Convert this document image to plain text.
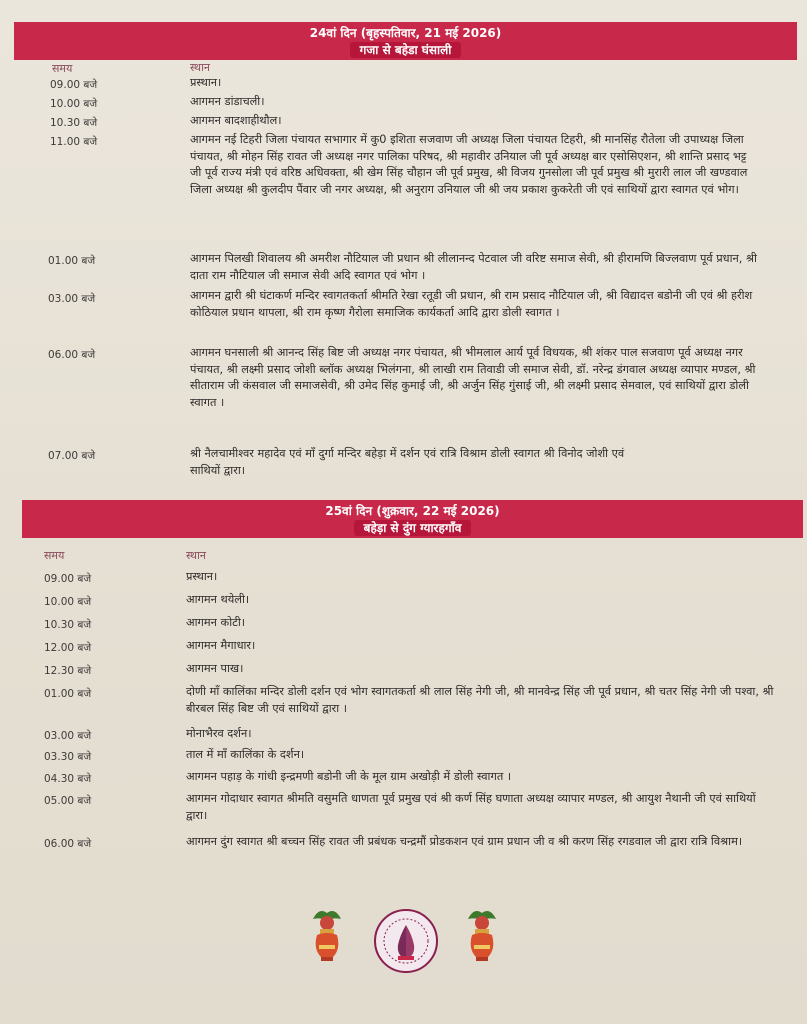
24वां दिन (बृहस्पतिवार, 21 मई 2026)
गजा से बहेडा घंसाली
समय	स्थान
09.00 बजे	प्रस्थान।
10.00 बजे	आगमन डांडाचली।
10.30 बजे	आगमन बादशाहीथौल।
11.00 बजे	आगमन नई टिहरी जिला पंचायत सभागार में कु0 इशिता सजवाण जी अध्यक्ष जिला पंचायत टिहरी, श्री मानसिंह रौतेला जी उपाध्यक्ष जिला पंचायत, श्री मोहन सिंह रावत जी अध्यक्ष नगर पालिका परिषद, श्री महावीर उनियाल जी पूर्व अध्यक्ष बार एसोसिएशन, श्री शान्ति प्रसाद भट्ट जी पूर्व राज्य मंत्री एवं वरिष्ठ अधिवक्ता, श्री खेम सिंह चौहान जी पूर्व प्रमुख, श्री विजय गुनसोला जी पूर्व प्रमुख श्री मुरारी लाल जी खण्डवाल जिला अध्यक्ष श्री कुलदीप पैंवार जी नगर अध्यक्ष, श्री अनुराग उनियाल जी श्री जय प्रकाश कुकरेती जी एवं साथियों द्वारा स्वागत एवं भोग।
01.00 बजे	आगमन पिलखी शिवालय श्री अमरीश नौटियाल जी प्रधान श्री लीलानन्द पेटवाल जी वरिष्ट समाज सेवी, श्री हीरामणि बिज्लवाण पूर्व प्रधान, श्री दाता राम नौटियाल जी समाज सेवी अदि स्वागत एवं भोग ।
03.00 बजे	आगमन द्वारी श्री घंटाकर्ण मन्दिर स्वागतकर्ता श्रीमति रेखा रतूडी जी प्रधान, श्री राम प्रसाद नौटियाल जी, श्री विद्यादत्त बडोनी जी एवं श्री हरीश कोठियाल प्रधान थापला, श्री राम कृष्ण गैरोला समाजिक कार्यकर्ता आदि द्वारा डोली स्वागत ।
06.00 बजे	आगमन घनसाली श्री आनन्द सिंह बिष्ट जी अध्यक्ष नगर पंचायत, श्री भीमलाल आर्य पूर्व विधयक, श्री शंकर पाल सजवाण पूर्व अध्यक्ष नगर पंचायत, श्री लक्ष्मी प्रसाद जोशी ब्लॉक अध्यक्ष भिलंगना, श्री लाखी राम तिवाडी जी समाज सेवी, डॉ. नरेन्द्र डंगवाल अध्यक्ष व्यापार मण्डल, श्री सीताराम जी कंसवाल जी समाजसेवी, श्री उमेद सिंह कुमाई जी, श्री अर्जुन सिंह गुंसाई जी, श्री लक्ष्मी प्रसाद सेमवाल, एवं साथियों द्वारा डोली स्वागत ।
07.00 बजे	श्री नैलचामीश्वर महादेव एवं माँ दुर्गा मन्दिर बहेड़ा में दर्शन एवं रात्रि विश्राम डोली स्वागत श्री विनोद जोशी एवं साथियों द्वारा।
25वां दिन (शुक्रवार, 22 मई 2026)
बहेड़ा से दुंग ग्यारहगाँव
समय	स्थान
09.00 बजे	प्रस्थान।
10.00 बजे	आगमन थयेली।
10.30 बजे	आगमन कोटी।
12.00 बजे	आगमन मैगाधार।
12.30 बजे	आगमन पाख।
01.00 बजे	दोणी माँ कालिंका मन्दिर डोली दर्शन एवं भोग स्वागतकर्ता श्री लाल सिंह नेगी जी, श्री मानवेन्द्र सिंह जी पूर्व प्रधान, श्री चतर सिंह नेगी जी पश्वा, श्री बीरबल सिंह बिष्ट जी एवं साथियों द्वारा ।
03.00 बजे	मोनाभैरव दर्शन।
03.30 बजे	ताल में माँ कालिंका के दर्शन।
04.30 बजे	आगमन पहाड़ के गांधी इन्द्रमणी बडोनी जी के मूल ग्राम अखोड़ी में डोली स्वागत ।
05.00 बजे	आगमन गोदाधार स्वागत श्रीमति वसुमति धाणता पूर्व प्रमुख एवं श्री कर्ण सिंह घणाता अध्यक्ष व्यापार मण्डल, श्री आयुश नैथानी जी एवं साथियों द्वारा।
06.00 बजे	आगमन दुंग स्वागत श्री बच्चन सिंह रावत जी प्रबंधक चन्द्रमौं प्रोडकशन एवं ग्राम प्रधान जी व श्री करण सिंह रगडवाल जी द्वारा रात्रि विश्राम।
